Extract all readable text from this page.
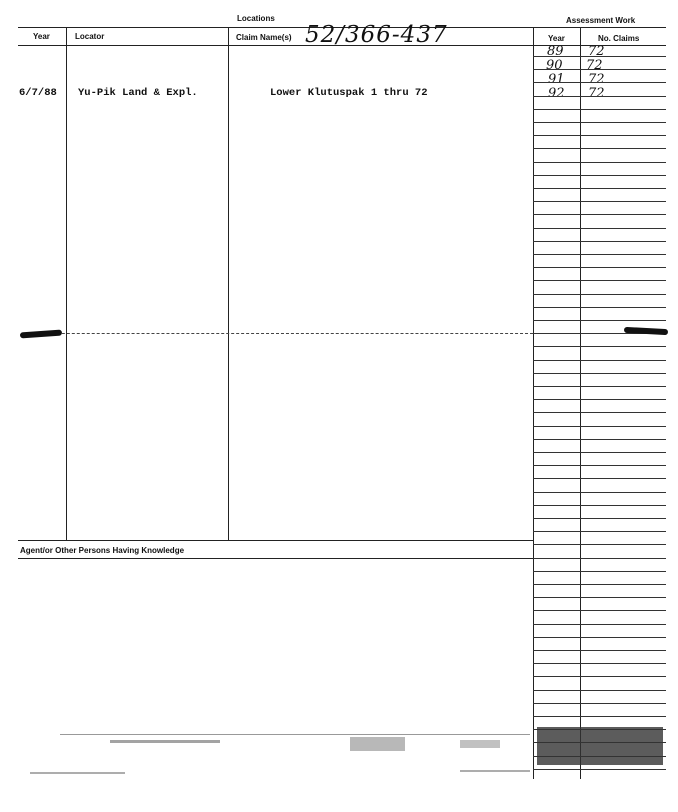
Locations	Assessment Work
Year	Locator	Claim Name(s)	Year	No. Claims
52/366-437
6/7/88 Yu-Pik Land & Expl.	Lower Klutuspak 1 thru 72
89 72
90 72
91 72
92 72
Agent/or Other Persons Having Knowledge
